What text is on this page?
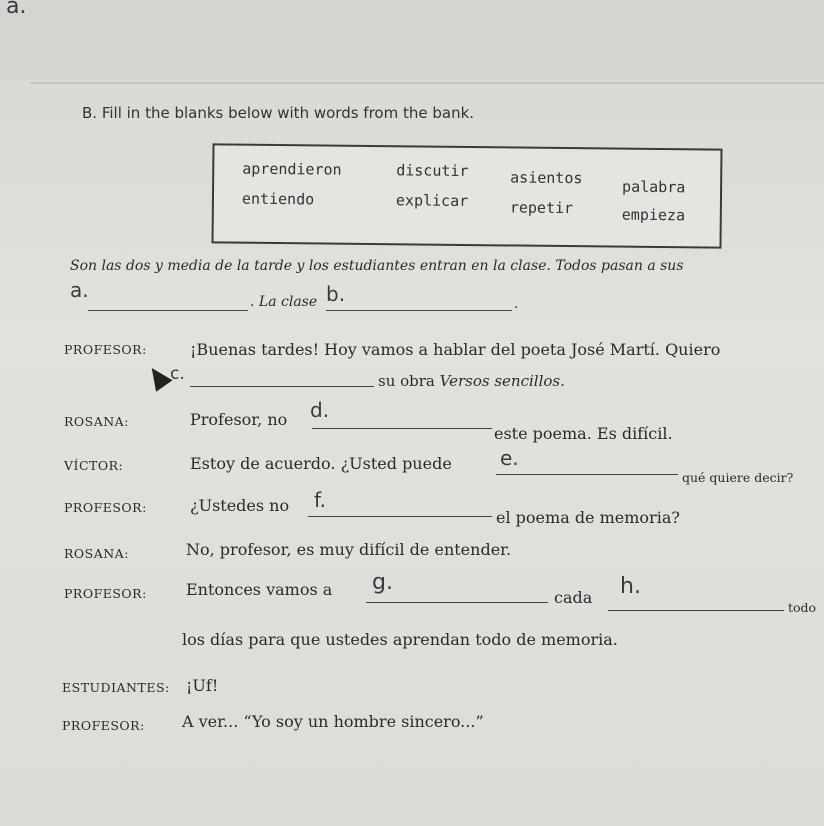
a.
B. Fill in the blanks below with words from the bank.
aprendieron	discutir	asientos	palabra
entiendo	explicar	repetir	empieza
Son las dos y media de la tarde y los estudiantes entran en la clase. Todos pasan a sus
a.	. La clase b.	.
PROFESOR:	¡Buenas tardes! Hoy vamos a hablar del poeta José Martí. Quiero
c.	su obra Versos sencillos.
ROSANA:	Profesor, no d.
este poema. Es difícil.
VÍCTOR:	Estoy de acuerdo. ¿Usted puede e.
qué quiere decir?
PROFESOR:	¿Ustedes no f.
el poema de memoria?
ROSANA:	No, profesor, es muy difícil de entender.
PROFESOR: Entonces vamos a g.
cada h.
todo
los días para que ustedes aprendan todo de memoria.
ESTUDIANTES: ¡Uf!
PROFESOR: A ver... “Yo soy un hombre sincero...”
